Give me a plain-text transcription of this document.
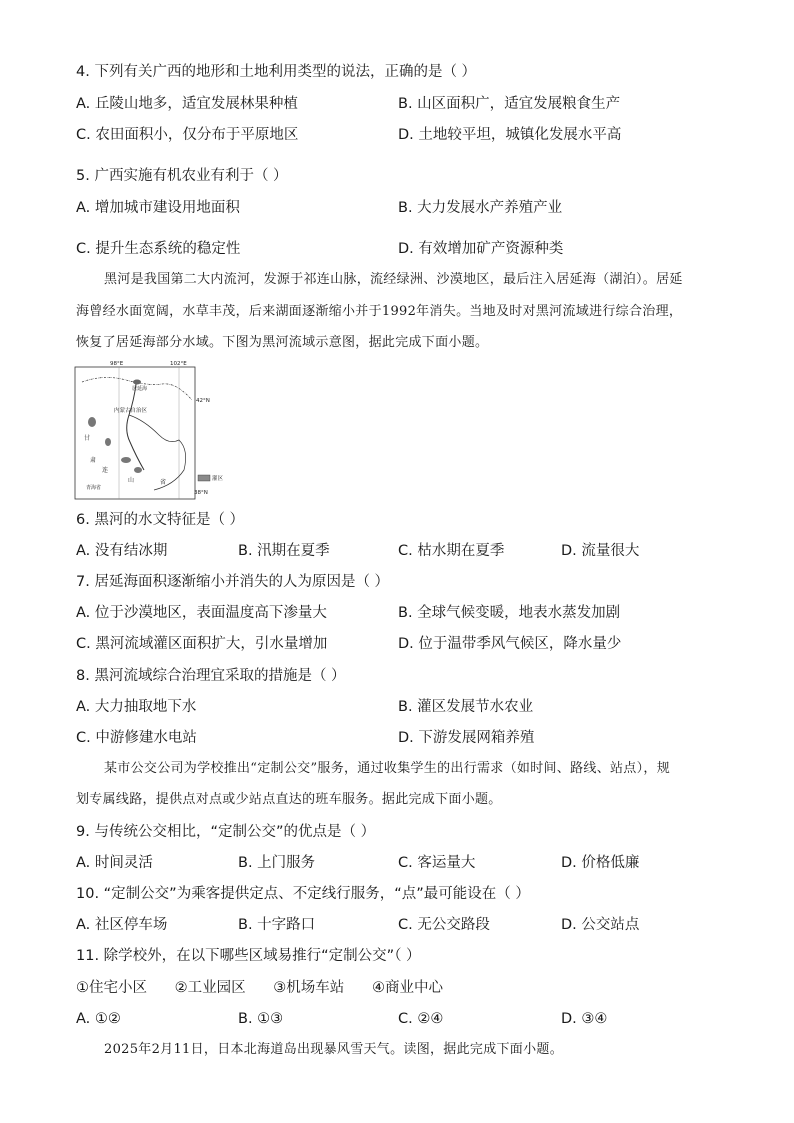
4. 下列有关广西的地形和土地利用类型的说法，正确的是（ ）
A. 丘陵山地多，适宜发展林果种植	B. 山区面积广，适宜发展粮食生产
C. 农田面积小，仅分布于平原地区	D. 土地较平坦，城镇化发展水平高
5. 广西实施有机农业有利于（ ）
A. 增加城市建设用地面积	B. 大力发展水产养殖产业
C. 提升生态系统的稳定性	D. 有效增加矿产资源种类
黑河是我国第二大内流河，发源于祁连山脉，流经绿洲、沙漠地区，最后注入居延海（湖泊）。居延
海曾经水面宽阔，水草丰茂，后来湖面逐渐缩小并于1992年消失。当地及时对黑河流域进行综合治理，
恢复了居延海部分水域。下图为黑河流域示意图，据此完成下面小题。
98°E	102°E
42°N
38°N
居延海
内蒙古自治区
甘
肃
连
山	省
青海省
灌区
6. 黑河的水文特征是（ ）
A. 没有结冰期	B. 汛期在夏季	C. 枯水期在夏季	D. 流量很大
7. 居延海面积逐渐缩小并消失的人为原因是（ ）
A. 位于沙漠地区，表面温度高下渗量大	B. 全球气候变暖，地表水蒸发加剧
C. 黑河流域灌区面积扩大，引水量增加	D. 位于温带季风气候区，降水量少
8. 黑河流域综合治理宜采取的措施是（ ）
A. 大力抽取地下水	B. 灌区发展节水农业
C. 中游修建水电站	D. 下游发展网箱养殖
某市公交公司为学校推出“定制公交”服务，通过收集学生的出行需求（如时间、路线、站点），规
划专属线路，提供点对点或少站点直达的班车服务。据此完成下面小题。
9. 与传统公交相比，“定制公交”的优点是（ ）
A. 时间灵活	B. 上门服务	C. 客运量大	D. 价格低廉
10. “定制公交”为乘客提供定点、不定线行服务，“点”最可能设在（ ）
A. 社区停车场	B. 十字路口	C. 无公交路段	D. 公交站点
11. 除学校外，在以下哪些区域易推行“定制公交”（ ）
①住宅小区      ②工业园区      ③机场车站      ④商业中心
A. ①②	B. ①③	C. ②④	D. ③④
2025年2月11日，日本北海道岛出现暴风雪天气。读图，据此完成下面小题。
